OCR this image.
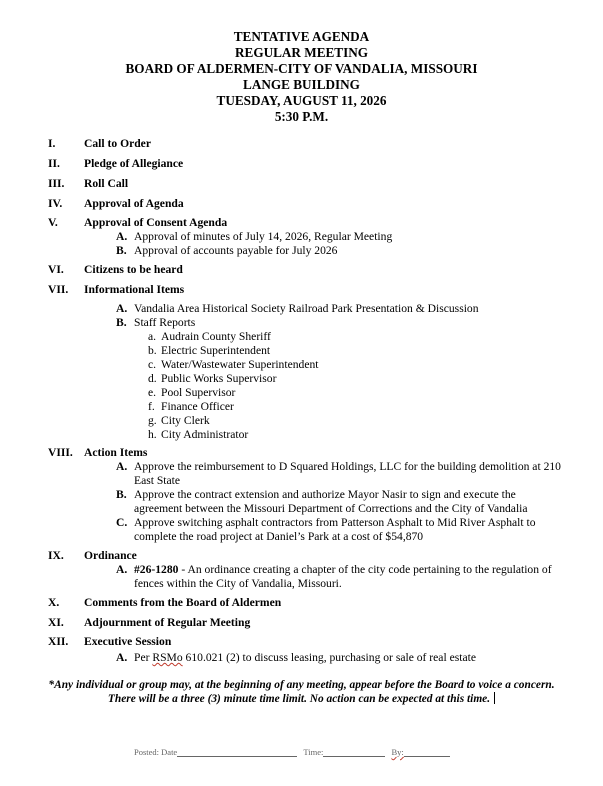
TENTATIVE AGENDA
REGULAR MEETING
BOARD OF ALDERMEN-CITY OF VANDALIA, MISSOURI
LANGE BUILDING
TUESDAY, AUGUST 11, 2026
5:30 P.M.
I. Call to Order
II. Pledge of Allegiance
III. Roll Call
IV. Approval of Agenda
V. Approval of Consent Agenda
A. Approval of minutes of July 14, 2026, Regular Meeting
B. Approval of accounts payable for July 2026
VI. Citizens to be heard
VII. Informational Items
A. Vandalia Area Historical Society Railroad Park Presentation & Discussion
B. Staff Reports
a. Audrain County Sheriff
b. Electric Superintendent
c. Water/Wastewater Superintendent
d. Public Works Supervisor
e. Pool Supervisor
f. Finance Officer
g. City Clerk
h. City Administrator
VIII. Action Items
A. Approve the reimbursement to D Squared Holdings, LLC for the building demolition at 210 East State
B. Approve the contract extension and authorize Mayor Nasir to sign and execute the agreement between the Missouri Department of Corrections and the City of Vandalia
C. Approve switching asphalt contractors from Patterson Asphalt to Mid River Asphalt to complete the road project at Daniel’s Park at a cost of $54,870
IX. Ordinance
A. #26-1280 - An ordinance creating a chapter of the city code pertaining to the regulation of fences within the City of Vandalia, Missouri.
X. Comments from the Board of Aldermen
XI. Adjournment of Regular Meeting
XII. Executive Session
A. Per RSMo 610.021 (2) to discuss leasing, purchasing or sale of real estate
*Any individual or group may, at the beginning of any meeting, appear before the Board to voice a concern. There will be a three (3) minute time limit. No action can be expected at this time.
Posted: Date	Time:	By:
